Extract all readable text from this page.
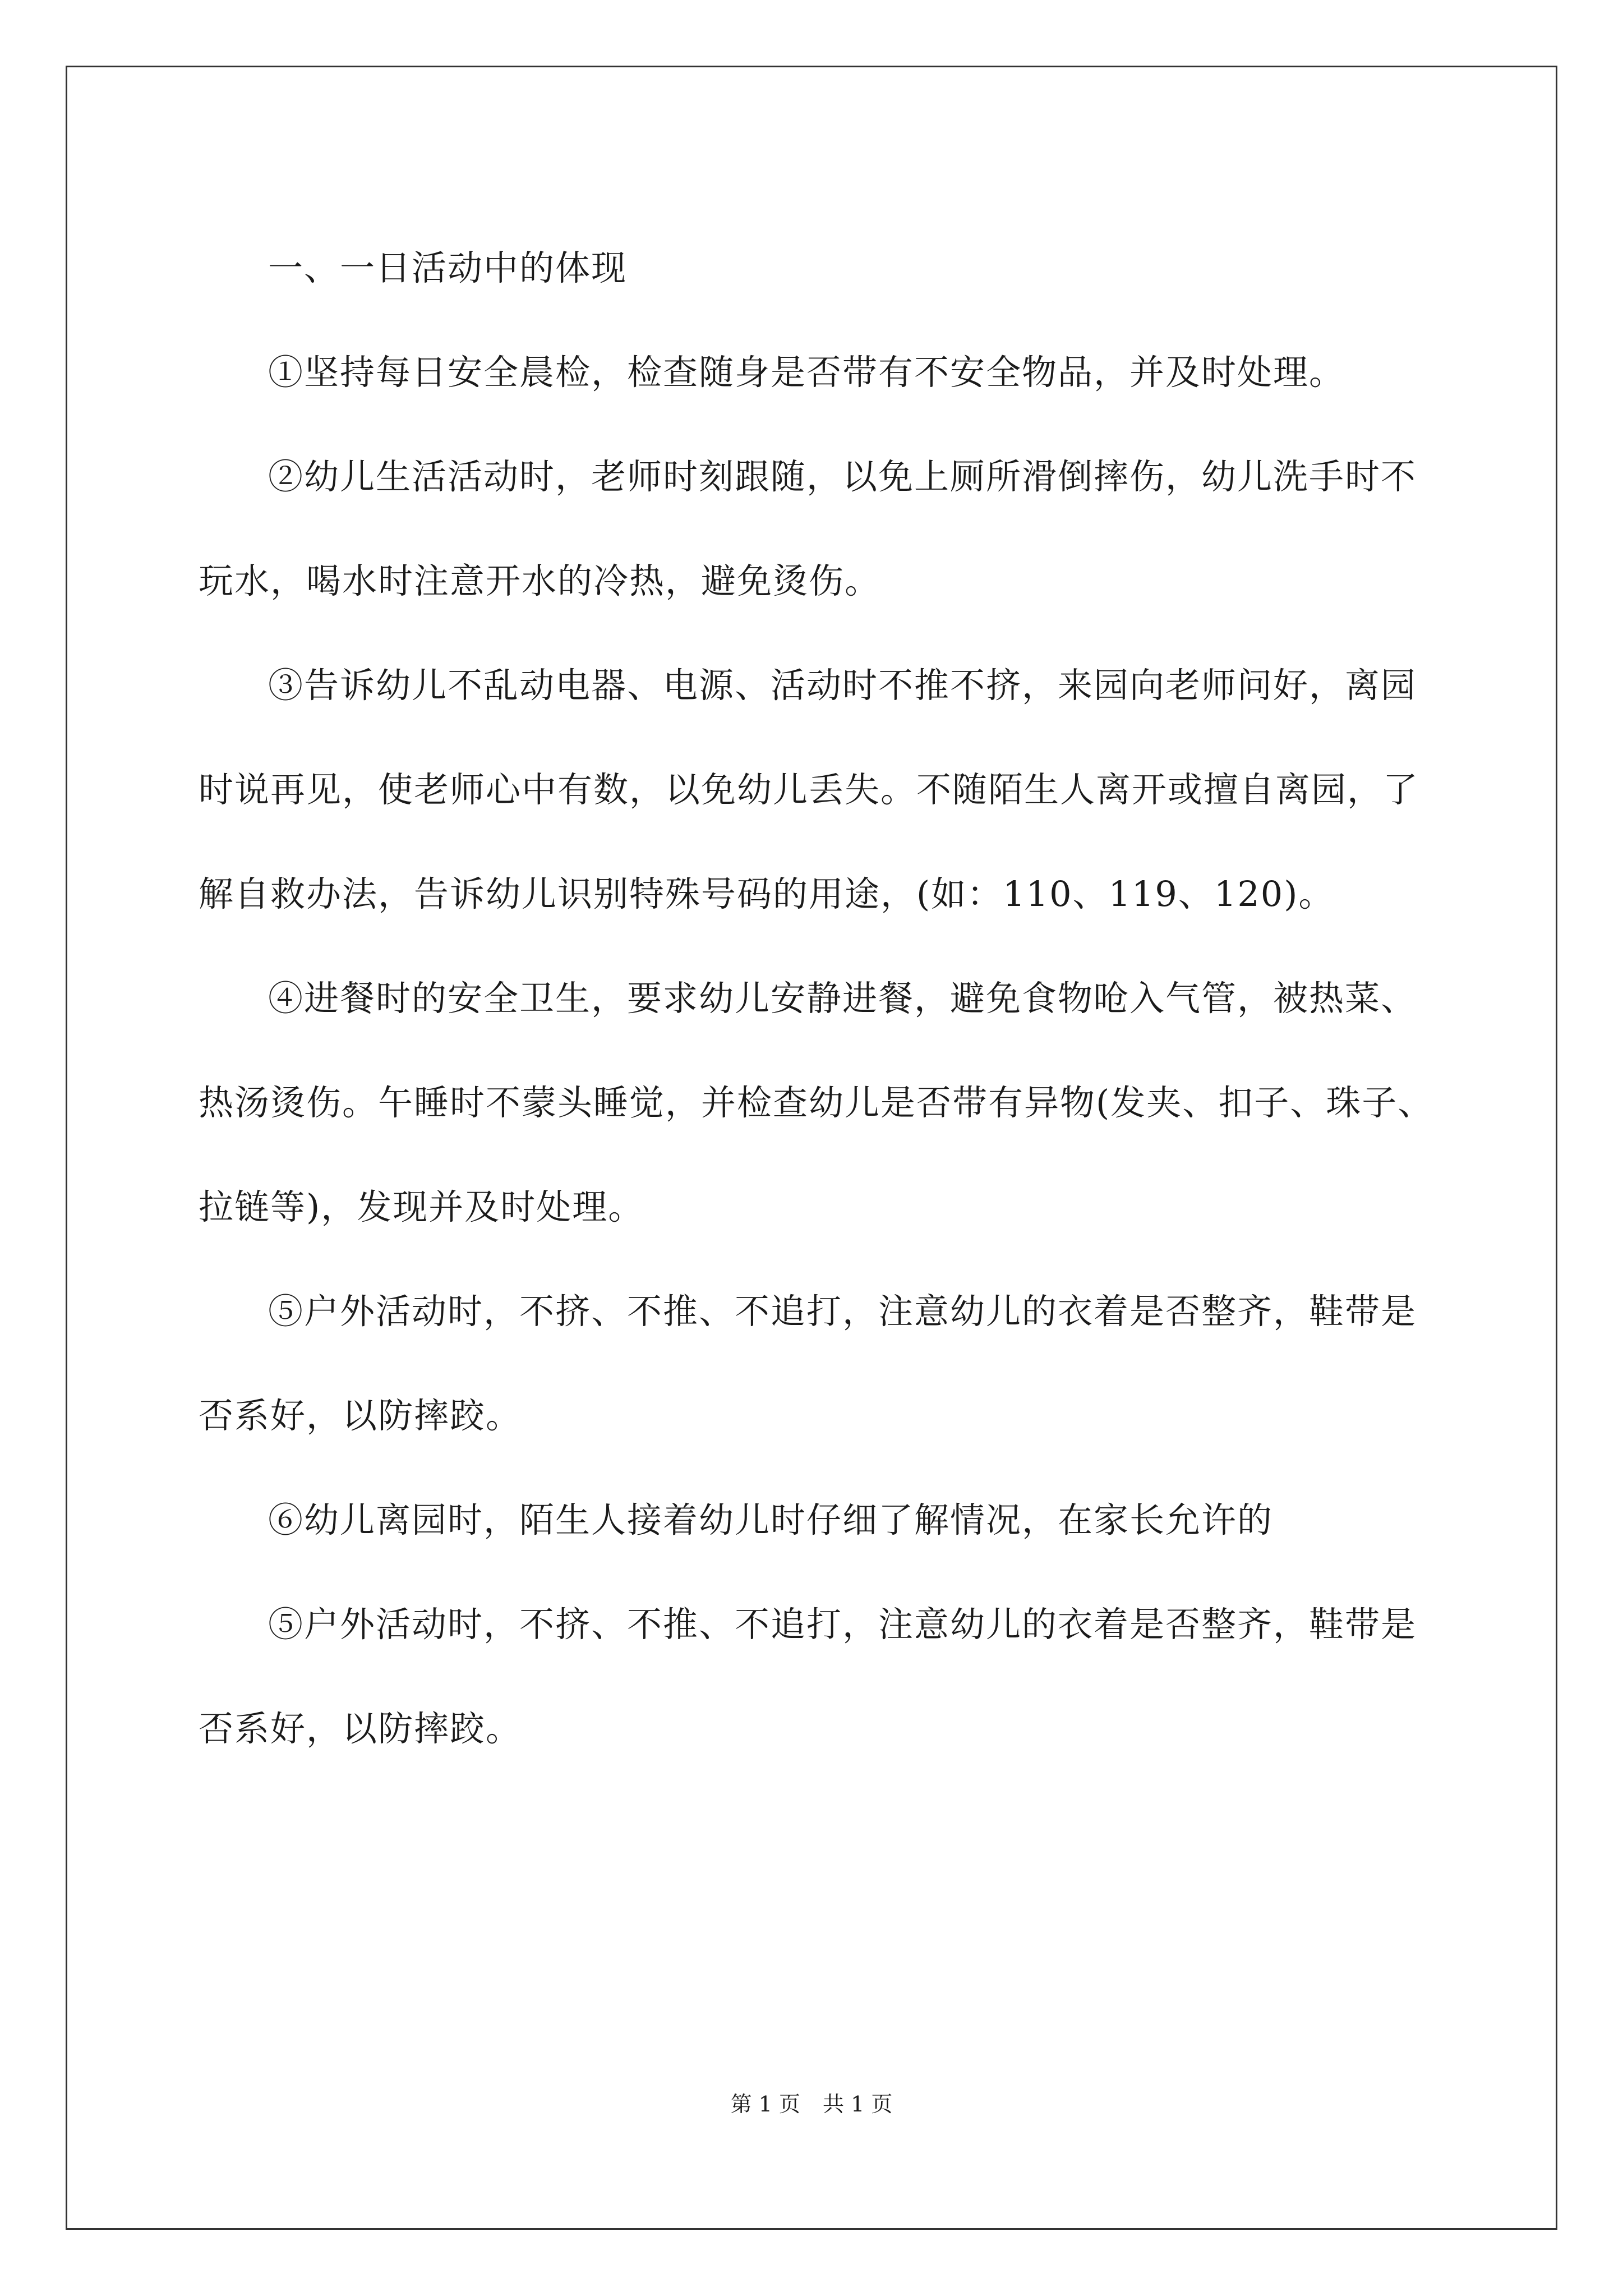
一、一日活动中的体现

①坚持每日安全晨检，检查随身是否带有不安全物品，并及时处理。

②幼儿生活活动时，老师时刻跟随，以免上厕所滑倒摔伤，幼儿洗手时不玩水，喝水时注意开水的冷热，避免烫伤。

③告诉幼儿不乱动电器、电源、活动时不推不挤，来园向老师问好，离园时说再见，使老师心中有数，以免幼儿丢失。不随陌生人离开或擅自离园，了解自救办法，告诉幼儿识别特殊号码的用途，(如：110、119、120)。

④进餐时的安全卫生，要求幼儿安静进餐，避免食物呛入气管，被热菜、热汤烫伤。午睡时不蒙头睡觉，并检查幼儿是否带有异物(发夹、扣子、珠子、拉链等)，发现并及时处理。

⑤户外活动时，不挤、不推、不追打，注意幼儿的衣着是否整齐，鞋带是否系好，以防摔跤。

⑥幼儿离园时，陌生人接着幼儿时仔细了解情况，在家长允许的

⑤户外活动时，不挤、不推、不追打，注意幼儿的衣着是否整齐，鞋带是否系好，以防摔跤。

第 1 页 共 1 页
